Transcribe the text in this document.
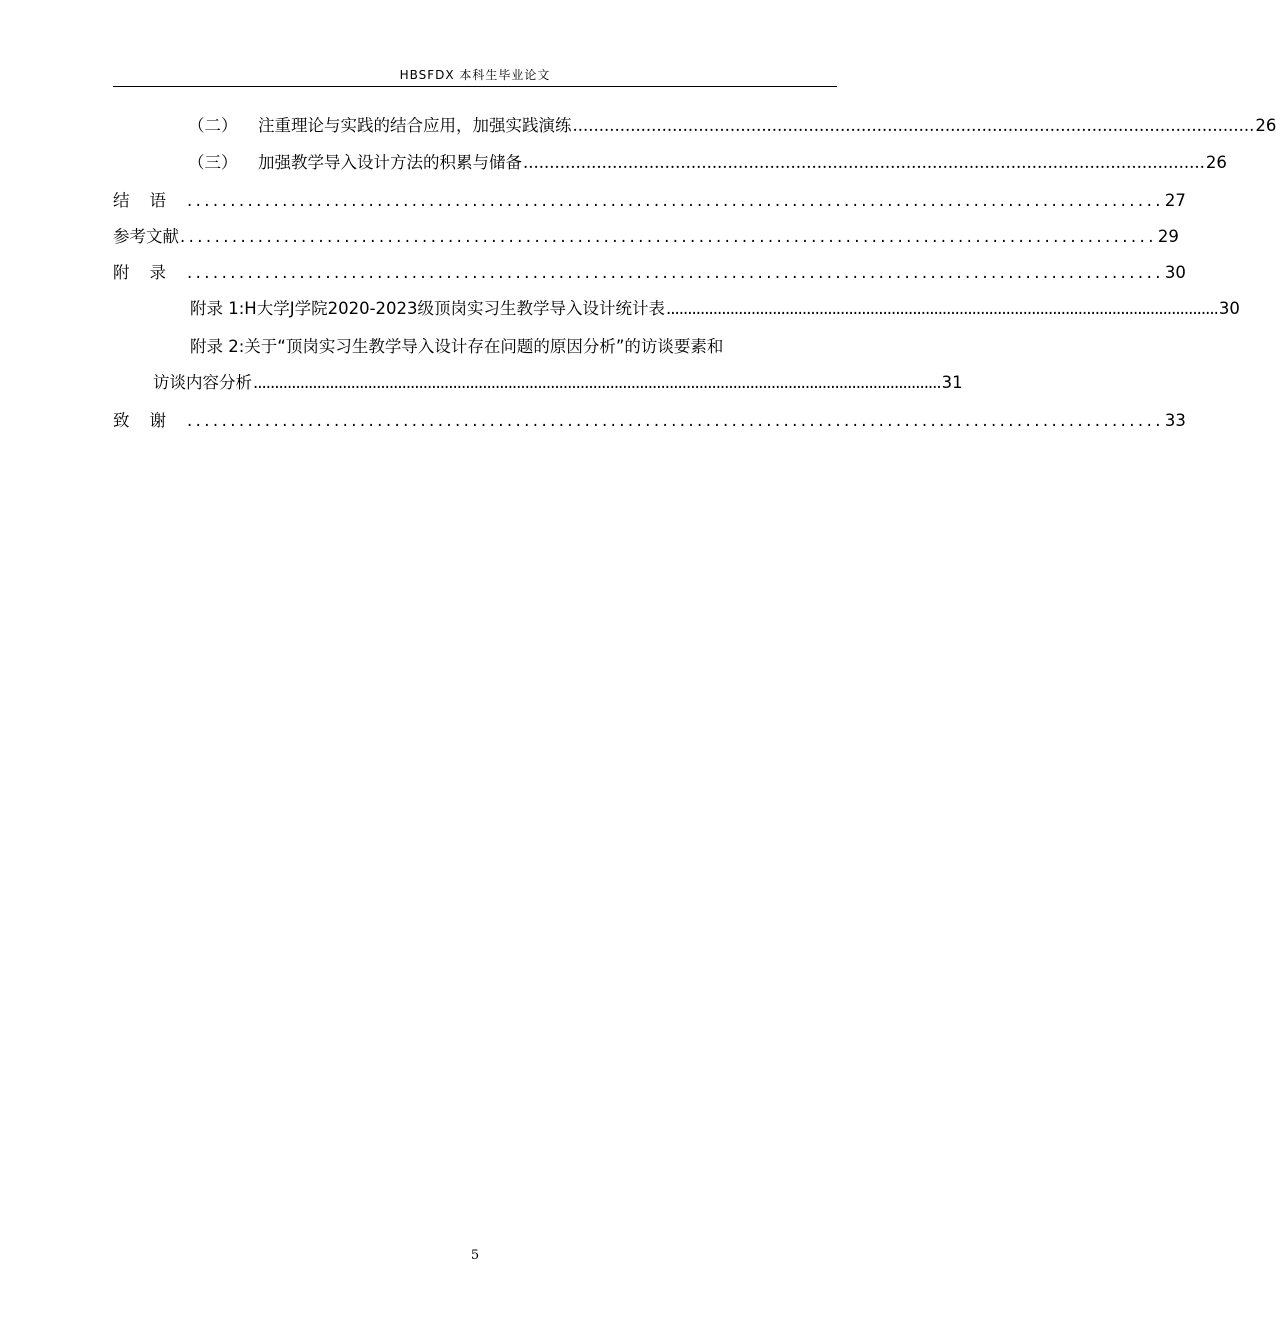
HBSFDX 本科生毕业论文
（二） 注重理论与实践的结合应用，加强实践演练 .................................................................................................................................. 26
（三） 加强教学导入设计方法的积累与储备 .................................................................................................................................. 26
结语 ................................................................................................................. 27
参考文献 ................................................................................................................. 29
附录 ................................................................................................................. 30
附录 1:H大学J学院2020-2023级顶岗实习生教学导入设计统计表 .................................................................................................................................. 30
附录 2:关于“顶岗实习生教学导入设计存在问题的原因分析”的访谈要素和
访谈内容分析 .................................................................................................................................................................. 31
致谢 ................................................................................................................. 33
5
